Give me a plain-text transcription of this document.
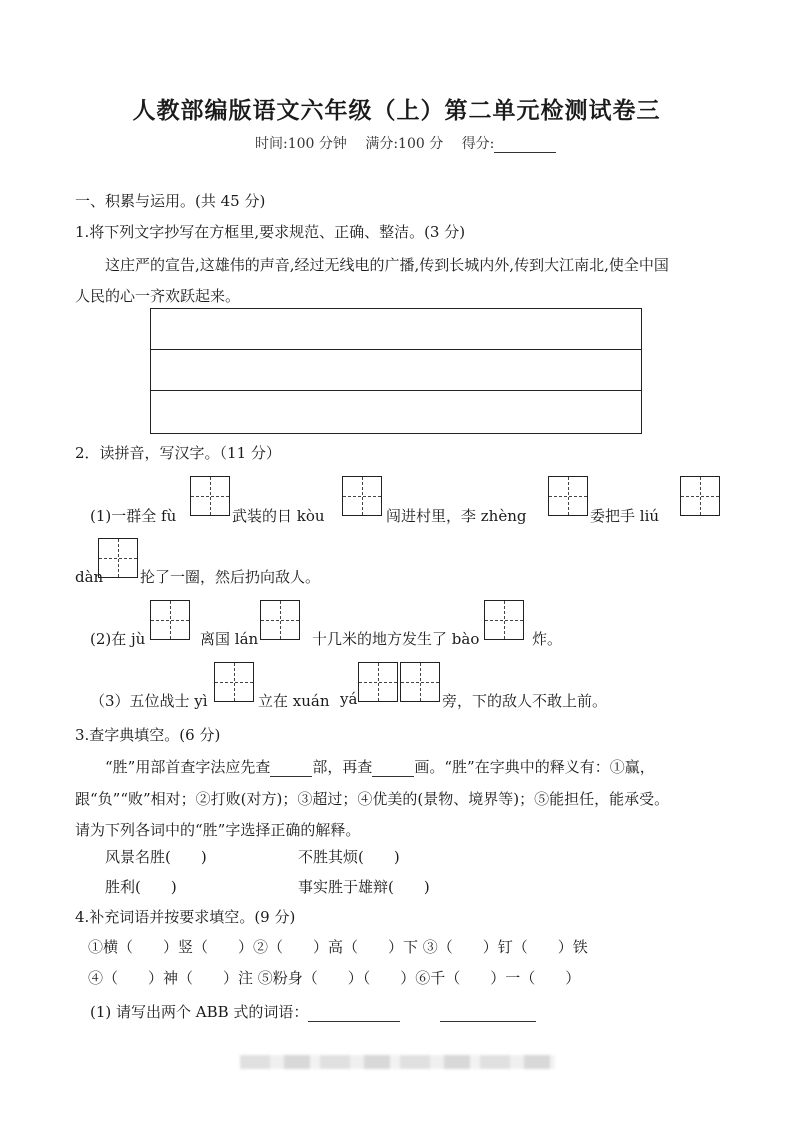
人教部编版语文六年级（上）第二单元检测试卷三
时间:100 分钟 满分:100 分 得分:
一、积累与运用。(共 45 分)
1.将下列文字抄写在方框里,要求规范、正确、整洁。(3 分)
这庄严的宣告,这雄伟的声音,经过无线电的广播,传到长城内外,传到大江南北,使全中国
人民的心一齐欢跃起来。
2．读拼音，写汉字。（11 分）
(1)一群全 fù	武装的日 kòu	闯进村里，李 zhèng	委把手 liú
dàn 抡了一圈，然后扔向敌人。
(2)在 jù	离国 lán	十几米的地方发生了 bào	炸。
（3）五位战士 yì	立在 xuán yá	旁，下的敌人不敢上前。
3.查字典填空。(6 分)
“胜”用部首查字法应先查	部，再查	画。“胜”在字典中的释义有：①赢，
跟“负”“败”相对；②打败(对方)；③超过；④优美的(景物、境界等)；⑤能担任，能承受。
请为下列各词中的“胜”字选择正确的解释。
风景名胜(　　)	不胜其烦(　　)
胜利(　　)	事实胜于雄辩(　　)
4.补充词语并按要求填空。(9 分)
①横（　　）竖（　　）②（　　）高（　　）下 ③（　　）钉（　　）铁
④（　　）神（　　）注 ⑤粉身（　　）（　　）⑥千（　　）一（　　）
(1) 请写出两个 ABB 式的词语：
